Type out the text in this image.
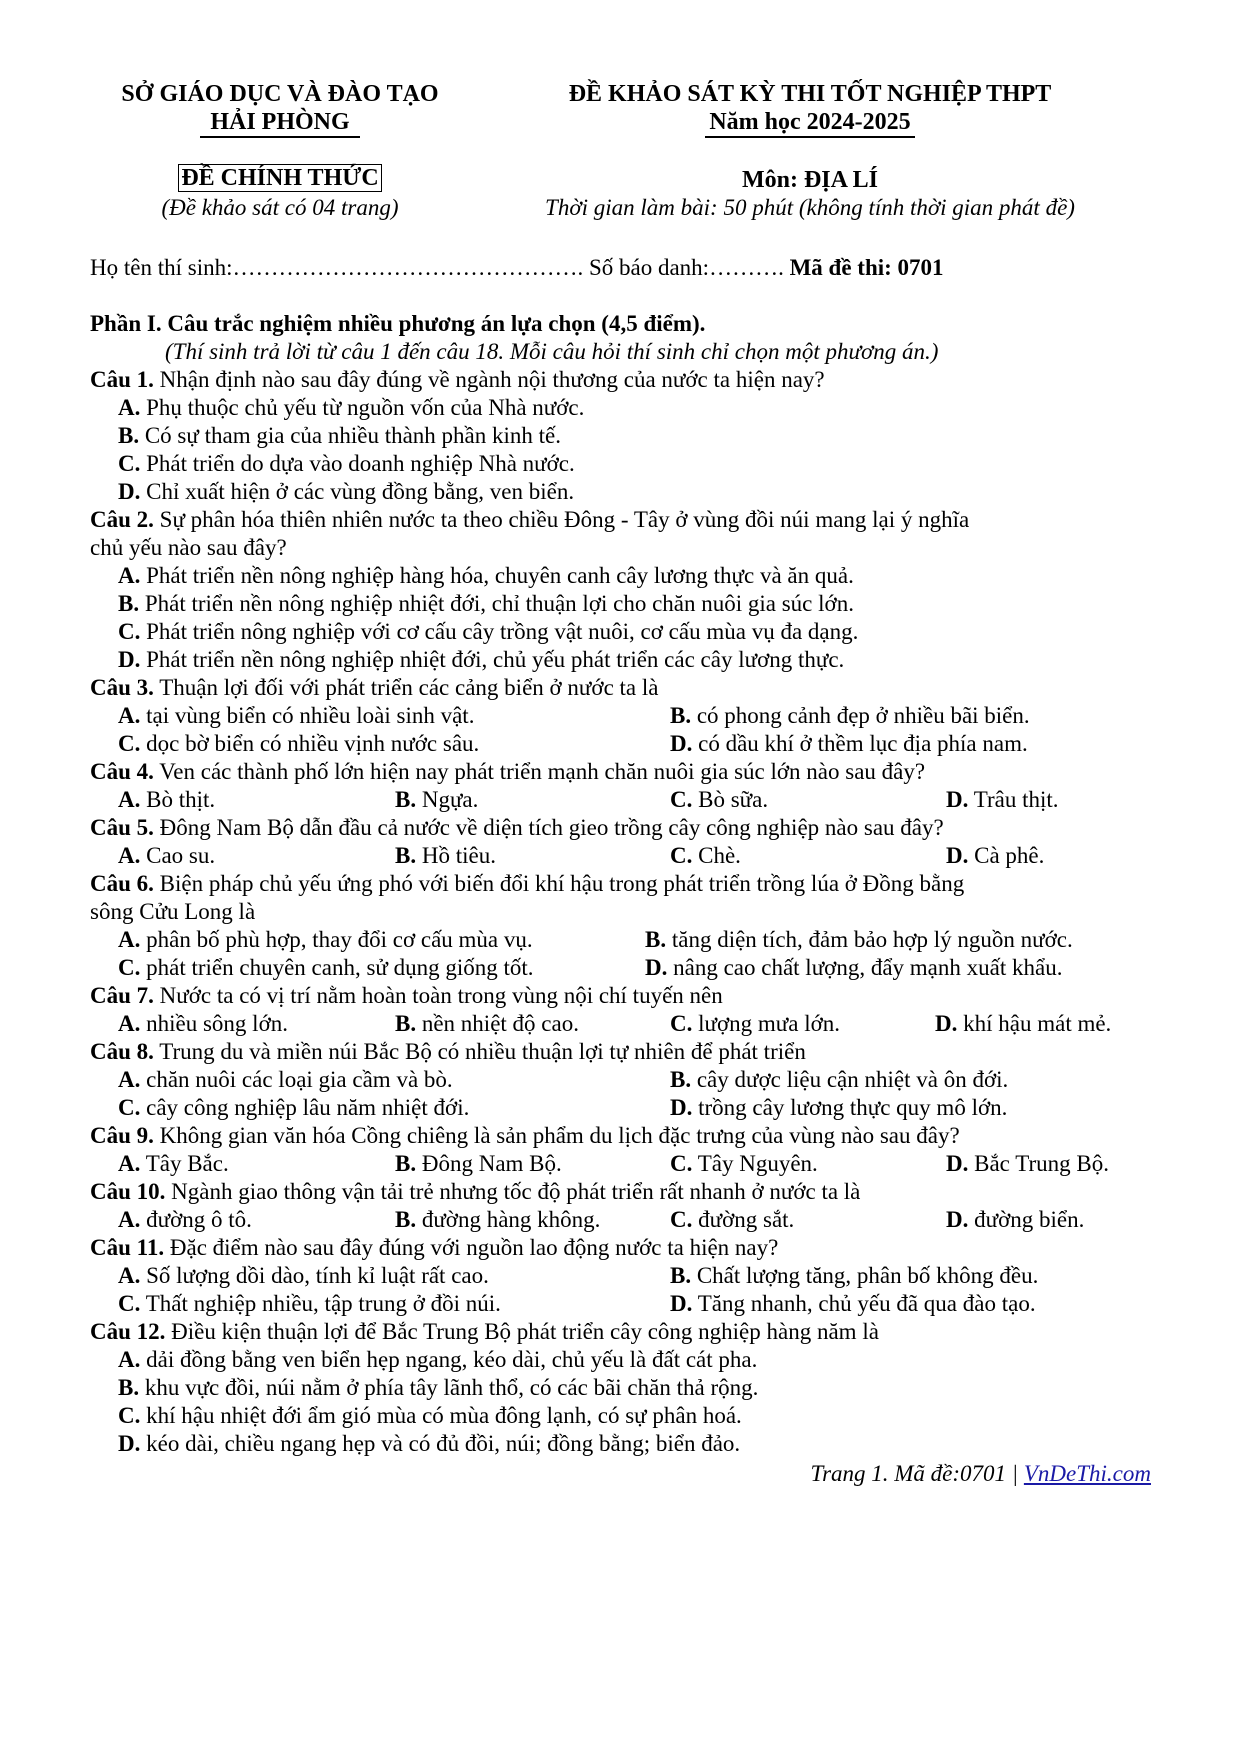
SỞ GIÁO DỤC VÀ ĐÀO TẠO
HẢI PHÒNG
ĐỀ KHẢO SÁT KỲ THI TỐT NGHIỆP THPT
Năm học 2024-2025
ĐỀ CHÍNH THỨC
(Đề khảo sát có 04 trang)
Môn: ĐỊA LÍ
Thời gian làm bài: 50 phút (không tính thời gian phát đề)
Họ tên thí sinh:………………………………………. Số báo danh:………. Mã đề thi: 0701
Phần I. Câu trắc nghiệm nhiều phương án lựa chọn (4,5 điểm).
(Thí sinh trả lời từ câu 1 đến câu 18. Mỗi câu hỏi thí sinh chỉ chọn một phương án.)
Câu 1. Nhận định nào sau đây đúng về ngành nội thương của nước ta hiện nay?
A. Phụ thuộc chủ yếu từ nguồn vốn của Nhà nước.
B. Có sự tham gia của nhiều thành phần kinh tế.
C. Phát triển do dựa vào doanh nghiệp Nhà nước.
D. Chỉ xuất hiện ở các vùng đồng bằng, ven biển.
Câu 2. Sự phân hóa thiên nhiên nước ta theo chiều Đông - Tây ở vùng đồi núi mang lại ý nghĩa
chủ yếu nào sau đây?
A. Phát triển nền nông nghiệp hàng hóa, chuyên canh cây lương thực và ăn quả.
B. Phát triển nền nông nghiệp nhiệt đới, chỉ thuận lợi cho chăn nuôi gia súc lớn.
C. Phát triển nông nghiệp với cơ cấu cây trồng vật nuôi, cơ cấu mùa vụ đa dạng.
D. Phát triển nền nông nghiệp nhiệt đới, chủ yếu phát triển các cây lương thực.
Câu 3. Thuận lợi đối với phát triển các cảng biển ở nước ta là
A. tại vùng biển có nhiều loài sinh vật.	B. có phong cảnh đẹp ở nhiều bãi biển.
C. dọc bờ biển có nhiều vịnh nước sâu.	D. có dầu khí ở thềm lục địa phía nam.
Câu 4. Ven các thành phố lớn hiện nay phát triển mạnh chăn nuôi gia súc lớn nào sau đây?
A. Bò thịt.	B. Ngựa.	C. Bò sữa.	D. Trâu thịt.
Câu 5. Đông Nam Bộ dẫn đầu cả nước về diện tích gieo trồng cây công nghiệp nào sau đây?
A. Cao su.	B. Hồ tiêu.	C. Chè.	D. Cà phê.
Câu 6. Biện pháp chủ yếu ứng phó với biến đổi khí hậu trong phát triển trồng lúa ở Đồng bằng
sông Cửu Long là
A. phân bố phù hợp, thay đổi cơ cấu mùa vụ.	B. tăng diện tích, đảm bảo hợp lý nguồn nước.
C. phát triển chuyên canh, sử dụng giống tốt.	D. nâng cao chất lượng, đẩy mạnh xuất khẩu.
Câu 7. Nước ta có vị trí nằm hoàn toàn trong vùng nội chí tuyến nên
A. nhiều sông lớn.	B. nền nhiệt độ cao.	C. lượng mưa lớn.	D. khí hậu mát mẻ.
Câu 8. Trung du và miền núi Bắc Bộ có nhiều thuận lợi tự nhiên để phát triển
A. chăn nuôi các loại gia cầm và bò.	B. cây dược liệu cận nhiệt và ôn đới.
C. cây công nghiệp lâu năm nhiệt đới.	D. trồng cây lương thực quy mô lớn.
Câu 9. Không gian văn hóa Cồng chiêng là sản phẩm du lịch đặc trưng của vùng nào sau đây?
A. Tây Bắc.	B. Đông Nam Bộ.	C. Tây Nguyên.	D. Bắc Trung Bộ.
Câu 10. Ngành giao thông vận tải trẻ nhưng tốc độ phát triển rất nhanh ở nước ta là
A. đường ô tô.	B. đường hàng không.	C. đường sắt.	D. đường biển.
Câu 11. Đặc điểm nào sau đây đúng với nguồn lao động nước ta hiện nay?
A. Số lượng dồi dào, tính kỉ luật rất cao.	B. Chất lượng tăng, phân bố không đều.
C. Thất nghiệp nhiều, tập trung ở đồi núi.	D. Tăng nhanh, chủ yếu đã qua đào tạo.
Câu 12. Điều kiện thuận lợi để Bắc Trung Bộ phát triển cây công nghiệp hàng năm là
A. dải đồng bằng ven biển hẹp ngang, kéo dài, chủ yếu là đất cát pha.
B. khu vực đồi, núi nằm ở phía tây lãnh thổ, có các bãi chăn thả rộng.
C. khí hậu nhiệt đới ẩm gió mùa có mùa đông lạnh, có sự phân hoá.
D. kéo dài, chiều ngang hẹp và có đủ đồi, núi; đồng bằng; biển đảo.
Trang 1. Mã đề:0701 | VnDeThi.com
